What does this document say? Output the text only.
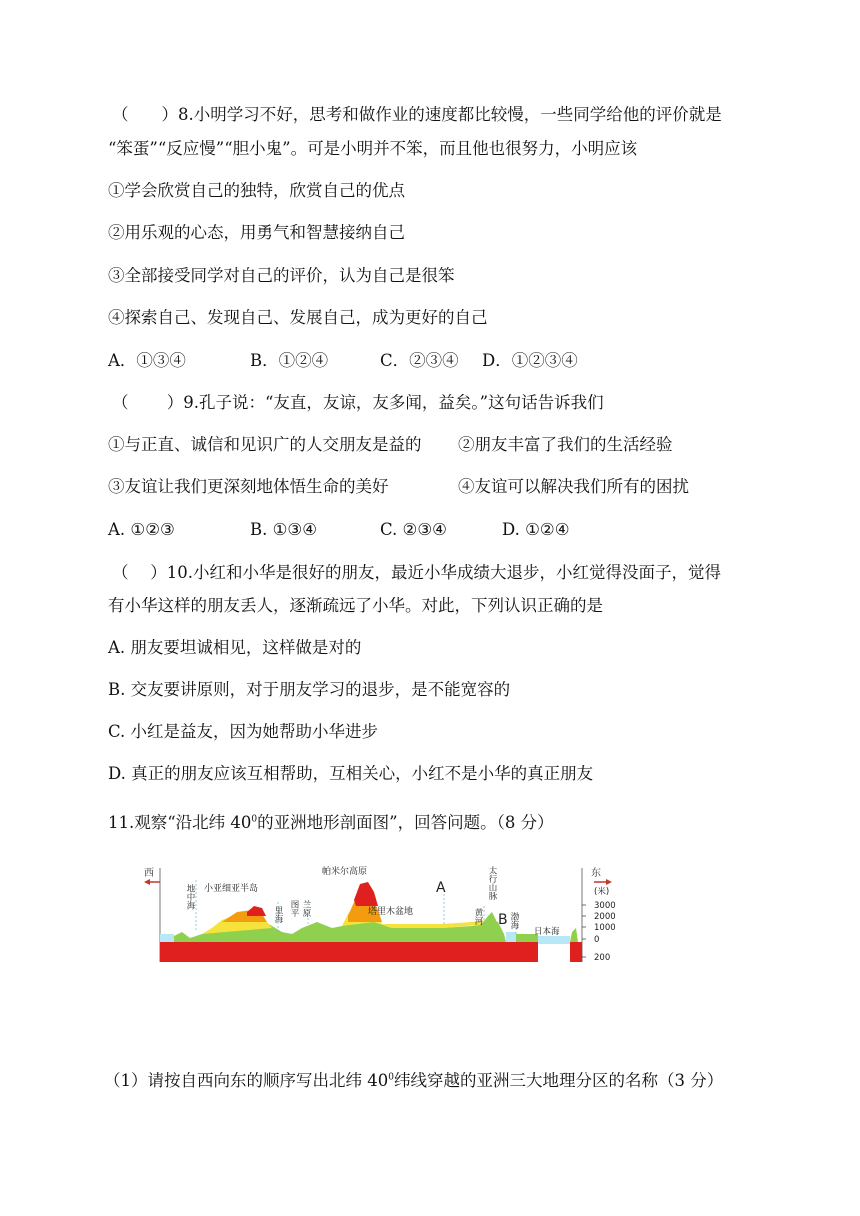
（　　）8.小明学习不好，思考和做作业的速度都比较慢，一些同学给他的评价就是
“笨蛋”“反应慢”“胆小鬼”。可是小明并不笨，而且他也很努力，小明应该
①学会欣赏自己的独特，欣赏自己的优点
②用乐观的心态，用勇气和智慧接纳自己
③全部接受同学对自己的评价，认为自己是很笨
④探索自己、发现自己、发展自己，成为更好的自己
A．①③④	B．①②④	C．②③④ D．①②③④
（　　 ）9.孔子说：“友直，友谅，友多闻，益矣。”这句话告诉我们
①与正直、诚信和见识广的人交朋友是益的 ②朋友丰富了我们的生活经验
③友谊让我们更深刻地体悟生命的美好	④友谊可以解决我们所有的困扰
A. ①②③	B. ①③④	C. ②③④	D. ①②④
（　 ）10.小红和小华是很好的朋友，最近小华成绩大退步，小红觉得没面子，觉得
有小华这样的朋友丢人，逐渐疏远了小华。对此，下列认识正确的是
A. 朋友要坦诚相见，这样做是对的
B. 交友要讲原则，对于朋友学习的退步，是不能宽容的
C. 小红是益友，因为她帮助小华进步
D. 真正的朋友应该互相帮助，互相关心，小红不是小华的真正朋友
11.观察“沿北纬 $40^0$的亚洲地形剖面图”，回答问题。（8 分）
西	东
地中海 小亚细亚半岛
里海 图平 兰原
帕米尔高原
塔里木盆地
A
黄河
太行山脉
B 渤海
日本海
(米)
3000
2000
1000
0
200
（1）请按自西向东的顺序写出北纬 $40^0$纬线穿越的亚洲三大地理分区的名称（3 分）
